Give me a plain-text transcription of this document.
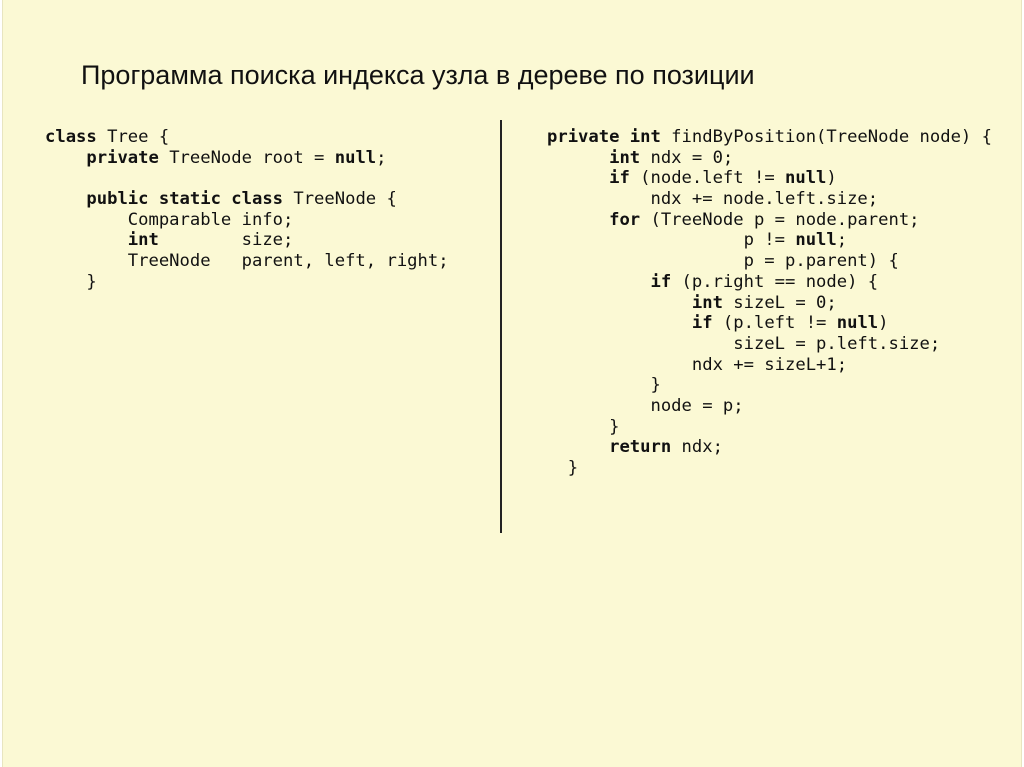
Программа поиска индекса узла в дереве по позиции
class Tree {
private TreeNode root = null;
public static class TreeNode {
Comparable info;
int        size;
TreeNode   parent, left, right;
}
private int findByPosition(TreeNode node) {
int ndx = 0;
if (node.left != null)
ndx += node.left.size;
for (TreeNode p = node.parent;
p != null;
p = p.parent) {
if (p.right == node) {
int sizeL = 0;
if (p.left != null)
sizeL = p.left.size;
ndx += sizeL+1;
}
node = p;
}
return ndx;
}
